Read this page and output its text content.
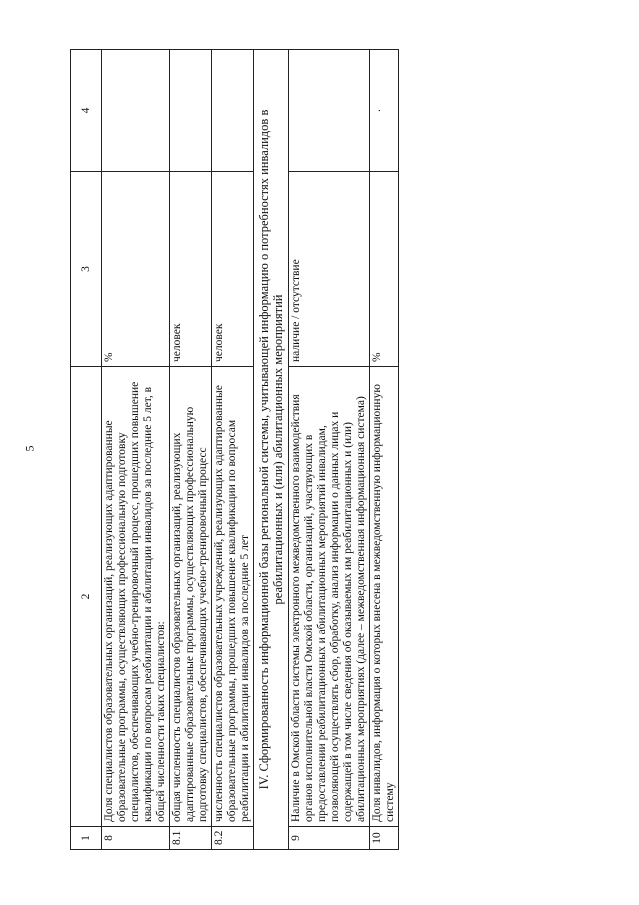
5
1	2	3	4
8	Доля специалистов образовательных организаций, реализующих адаптированные образовательные программы, осуществляющих профессиональную подготовку специалистов, обеспечивающих учебно-тренировочный процесс, прошедших повышение квалификации по вопросам реабилитации и абилитации инвалидов за последние 5 лет, в общей численности таких специалистов:	%	
8.1	общая численность специалистов образовательных организаций, реализующих адаптированные образовательные программы, осуществляющих профессиональную подготовку специалистов, обеспечивающих учебно-тренировочный процесс	человек	
8.2	численность специалистов образовательных учреждений, реализующих адаптированные образовательные программы, прошедших повышение квалификации по вопросам реабилитации и абилитации инвалидов за последние 5 лет	человек	
IV. Сформированность информационной базы региональной системы, учитывающей информацию о потребностях инвалидов в реабилитационных и (или) абилитационных мероприятий			
9	Наличие в Омской области системы электронного межведомственного взаимодействия органов исполнительной власти Омской области, организаций, участвующих в предоставлении реабилитационных и абилитационных мероприятий инвалидам, позволяющей осуществлять сбор, обработку, анализ информации о данных лицах и содержащей в том числе сведения об оказываемых им реабилитационных и (или) абилитационных мероприятиях (далее – межведомственная информационная система)	наличие / отсутствие	
10	Доля инвалидов, информация о которых внесена в межведомственную информационную систему	%	.
